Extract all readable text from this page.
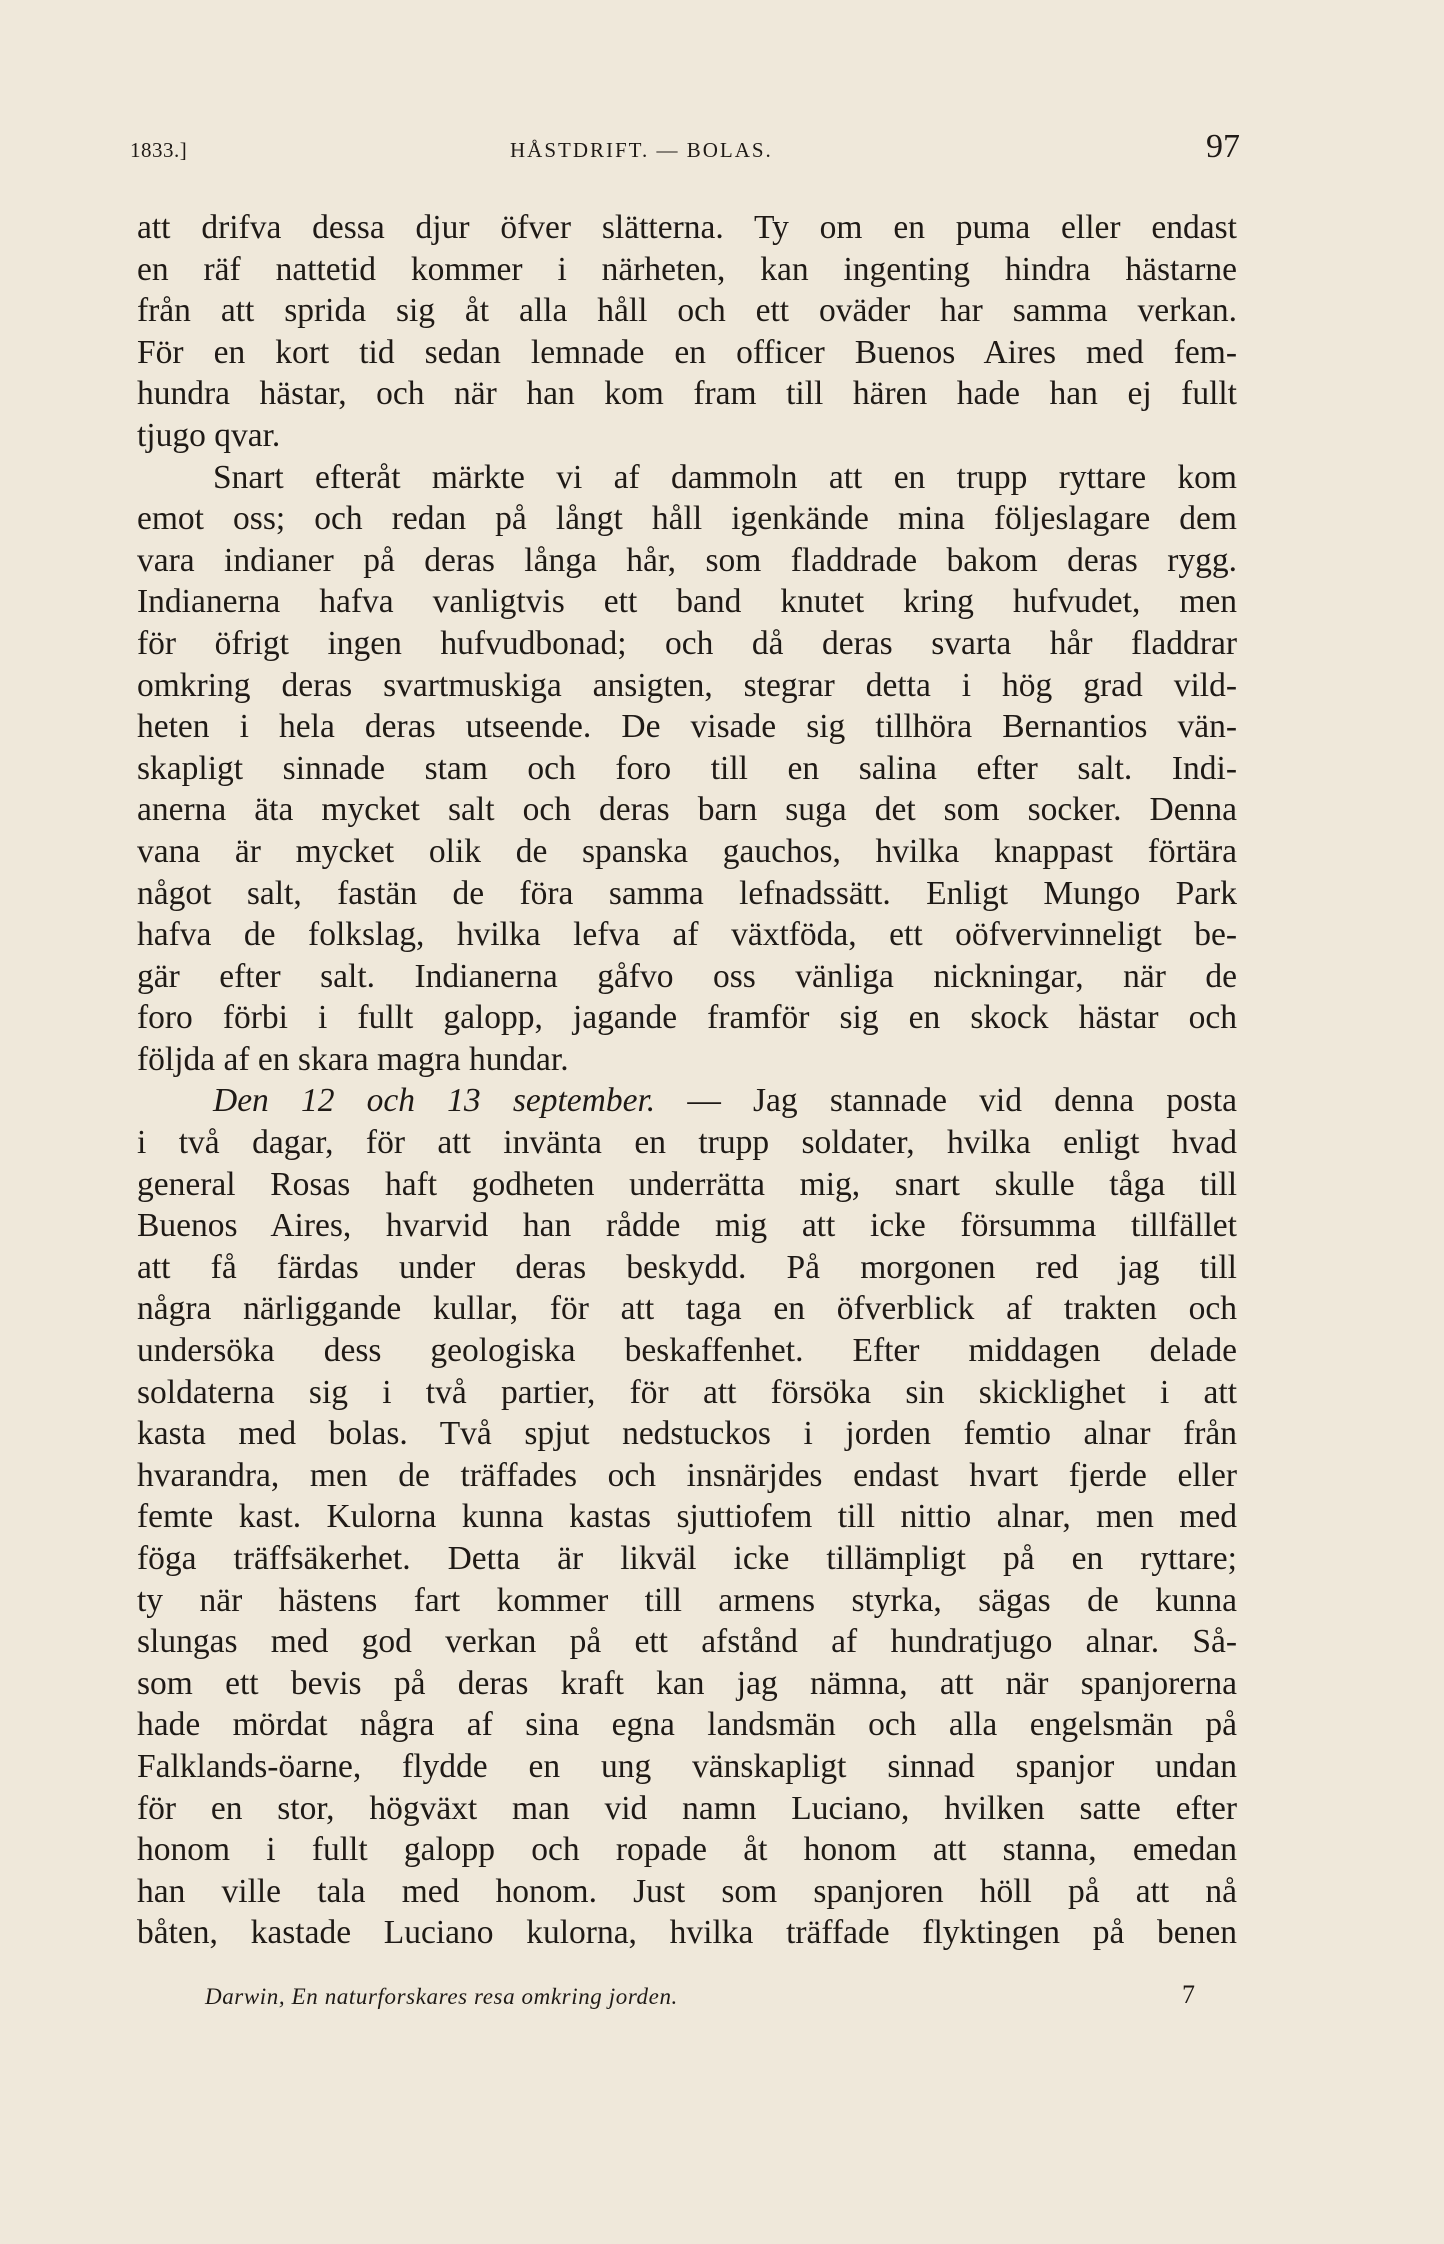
1833.]	HÅSTDRIFT. — BOLAS.	97
att drifva dessa djur öfver slätterna. Ty om en puma eller endast
en räf nattetid kommer i närheten, kan ingenting hindra hästarne
från att sprida sig åt alla håll och ett oväder har samma verkan.
För en kort tid sedan lemnade en officer Buenos Aires med fem-
hundra hästar, och när han kom fram till hären hade han ej fullt
tjugo qvar.
Snart efteråt märkte vi af dammoln att en trupp ryttare kom
emot oss; och redan på långt håll igenkände mina följeslagare dem
vara indianer på deras långa hår, som fladdrade bakom deras rygg.
Indianerna hafva vanligtvis ett band knutet kring hufvudet, men
för öfrigt ingen hufvudbonad; och då deras svarta hår fladdrar
omkring deras svartmuskiga ansigten, stegrar detta i hög grad vild-
heten i hela deras utseende. De visade sig tillhöra Bernantios vän-
skapligt sinnade stam och foro till en salina efter salt. Indi-
anerna äta mycket salt och deras barn suga det som socker. Denna
vana är mycket olik de spanska gauchos, hvilka knappast förtära
något salt, fastän de föra samma lefnadssätt. Enligt Mungo Park
hafva de folkslag, hvilka lefva af växtföda, ett oöfvervinneligt be-
gär efter salt. Indianerna gåfvo oss vänliga nickningar, när de
foro förbi i fullt galopp, jagande framför sig en skock hästar och
följda af en skara magra hundar.
Den 12 och 13 september. — Jag stannade vid denna posta
i två dagar, för att invänta en trupp soldater, hvilka enligt hvad
general Rosas haft godheten underrätta mig, snart skulle tåga till
Buenos Aires, hvarvid han rådde mig att icke försumma tillfället
att få färdas under deras beskydd. På morgonen red jag till
några närliggande kullar, för att taga en öfverblick af trakten och
undersöka dess geologiska beskaffenhet. Efter middagen delade
soldaterna sig i två partier, för att försöka sin skicklighet i att
kasta med bolas. Två spjut nedstuckos i jorden femtio alnar från
hvarandra, men de träffades och insnärjdes endast hvart fjerde eller
femte kast. Kulorna kunna kastas sjuttiofem till nittio alnar, men med
föga träffsäkerhet. Detta är likväl icke tillämpligt på en ryttare;
ty när hästens fart kommer till armens styrka, sägas de kunna
slungas med god verkan på ett afstånd af hundratjugo alnar. Så-
som ett bevis på deras kraft kan jag nämna, att när spanjorerna
hade mördat några af sina egna landsmän och alla engelsmän på
Falklands-öarne, flydde en ung vänskapligt sinnad spanjor undan
för en stor, högväxt man vid namn Luciano, hvilken satte efter
honom i fullt galopp och ropade åt honom att stanna, emedan
han ville tala med honom. Just som spanjoren höll på att nå
båten, kastade Luciano kulorna, hvilka träffade flyktingen på benen
Darwin, En naturforskares resa omkring jorden.	7
